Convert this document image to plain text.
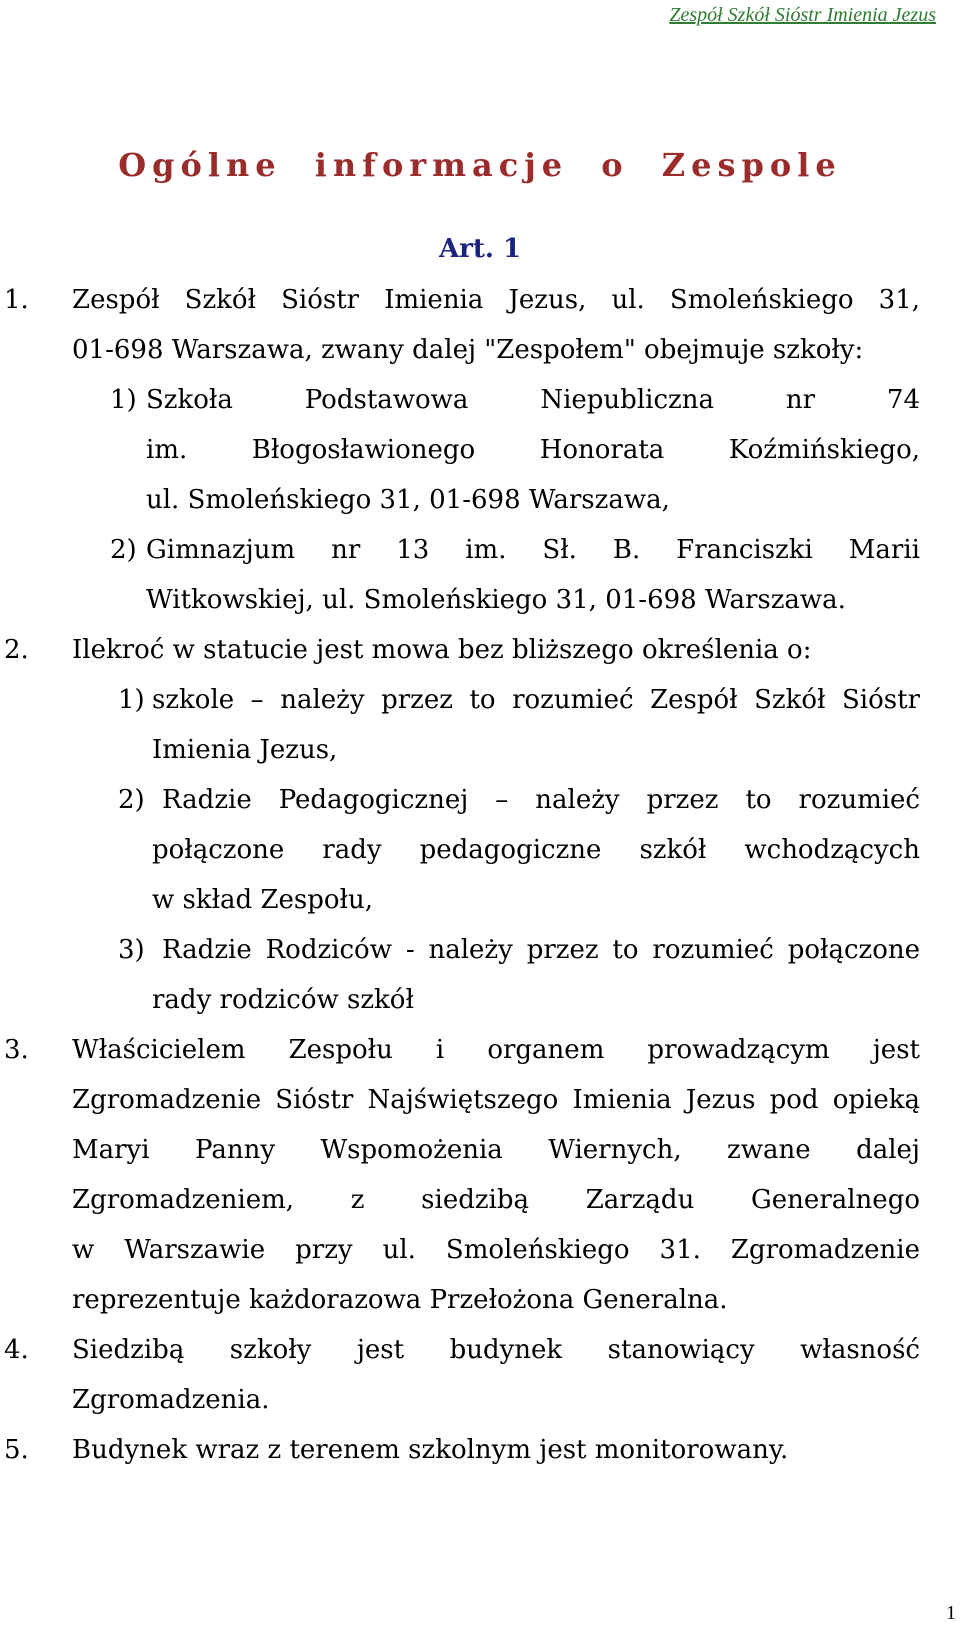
Zespół Szkół Sióstr Imienia Jezus
Ogólne informacje o Zespole
Art. 1
1. Zespół Szkół Sióstr Imienia Jezus, ul. Smoleńskiego 31,
01-698 Warszawa, zwany dalej "Zespołem" obejmuje szkoły:
1) Szkoła Podstawowa Niepubliczna nr 74
im. Błogosławionego Honorata Koźmińskiego,
ul. Smoleńskiego 31, 01-698 Warszawa,
2) Gimnazjum nr 13 im. Sł. B. Franciszki Marii
Witkowskiej, ul. Smoleńskiego 31, 01-698 Warszawa.
2. Ilekroć w statucie jest mowa bez bliższego określenia o:
1) szkole – należy przez to rozumieć Zespół Szkół Sióstr
Imienia Jezus,
2) Radzie Pedagogicznej – należy przez to rozumieć
połączone rady pedagogiczne szkół wchodzących
w skład Zespołu,
3) Radzie Rodziców - należy przez to rozumieć połączone
rady rodziców szkół
3. Właścicielem Zespołu i organem prowadzącym jest
Zgromadzenie Sióstr Najświętszego Imienia Jezus pod opieką
Maryi Panny Wspomożenia Wiernych, zwane dalej
Zgromadzeniem, z siedzibą Zarządu Generalnego
w Warszawie przy ul. Smoleńskiego 31. Zgromadzenie
reprezentuje każdorazowa Przełożona Generalna.
4. Siedzibą szkoły jest budynek stanowiący własność
Zgromadzenia.
5. Budynek wraz z terenem szkolnym jest monitorowany.
1
